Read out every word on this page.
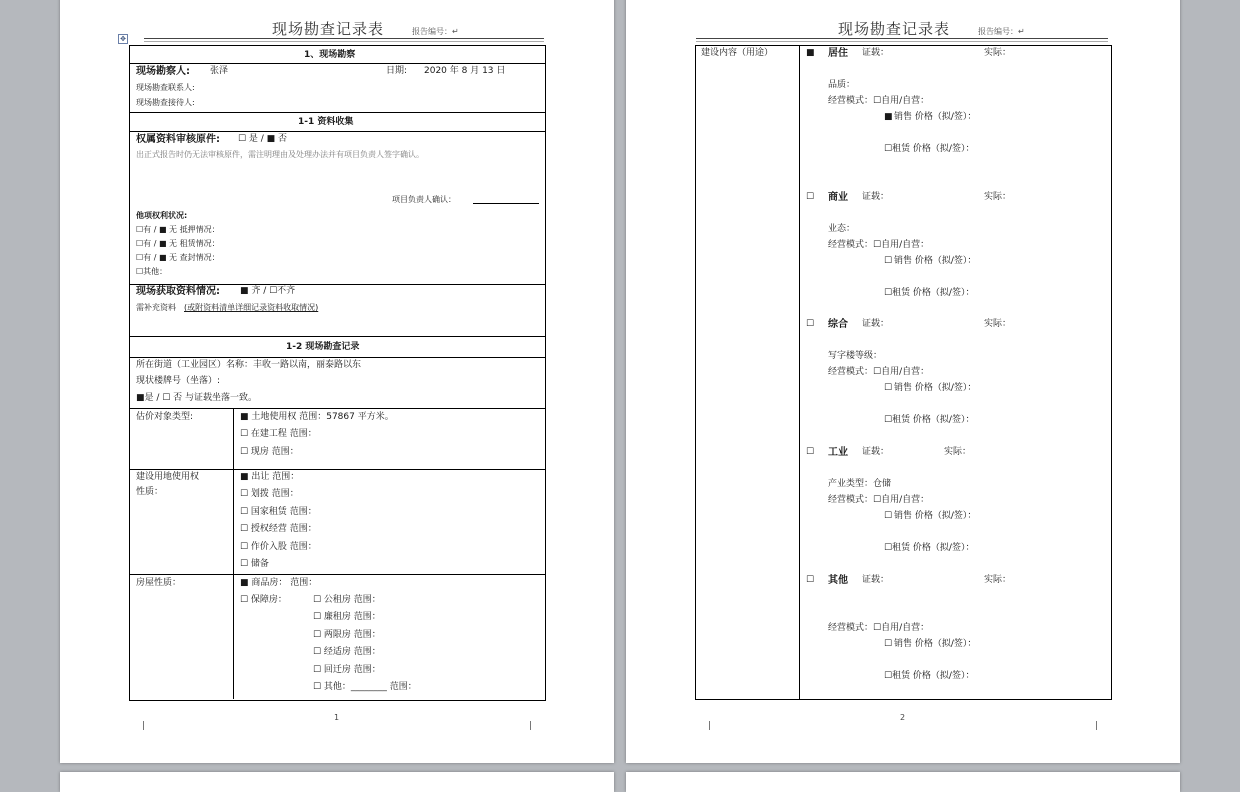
现场勘查记录表	报告编号：↵
✥
1、现场勘察
现场勘察人: 张泽	日期: 2020 年 8 月 13 日
现场勘查联系人:
现场勘查接待人:
1-1 资料收集
权属资料审核原件: ☐ 是 / ■ 否
出正式报告时仍无法审核原件，需注明理由及处理办法并有项目负责人签字确认。
项目负责人确认：
他项权利状况:
☐有 / ■ 无 抵押情况：
☐有 / ■ 无 租赁情况：
☐有 / ■ 无 查封情况：
☐其他：
现场获取资料情况: ■ 齐 / ☐不齐
需补充资料 (或附资料清单详细记录资料收取情况)
1-2 现场勘查记录
所在街道（工业园区）名称：丰收一路以南，丽泰路以东
现状楼牌号（坐落）:
■是 / ☐ 否 与证载坐落一致。
估价对象类型:	■ 土地使用权 范围：57867 平方米。
☐ 在建工程 范围：
☐ 现房 范围：
建设用地使用权
性质：
■ 出让 范围：
☐ 划拨 范围：
☐ 国家租赁 范围：
☐ 授权经营 范围：
☐ 作价入股 范围：
☐ 储备
房屋性质：	■ 商品房： 范围：
☐ 保障房：	☐ 公租房 范围：
☐ 廉租房 范围：
☐ 两限房 范围：
☐ 经适房 范围：
☐ 回迁房 范围：
☐ 其他：________ 范围：
1
现场勘查记录表	报告编号：↵
建设内容（用途）	■ 居住 证载：	实际：
品质：
经营模式：☐自用/自营：
■ 销售 价格（拟/签）：
☐租赁 价格（拟/签）：
☐ 商业 证载：	实际：
业态：
经营模式：☐自用/自营：
☐ 销售 价格（拟/签）：
☐租赁 价格（拟/签）：
☐ 综合 证载：	实际：
写字楼等级：
经营模式：☐自用/自营：
☐ 销售 价格（拟/签）：
☐租赁 价格（拟/签）：
☐ 工业 证载：	实际：
产业类型：仓储
经营模式：☐自用/自营：
☐ 销售 价格（拟/签）：
☐租赁 价格（拟/签）：
☐ 其他 证载：	实际：
经营模式：☐自用/自营：
☐ 销售 价格（拟/签）：
☐租赁 价格（拟/签）：
2
